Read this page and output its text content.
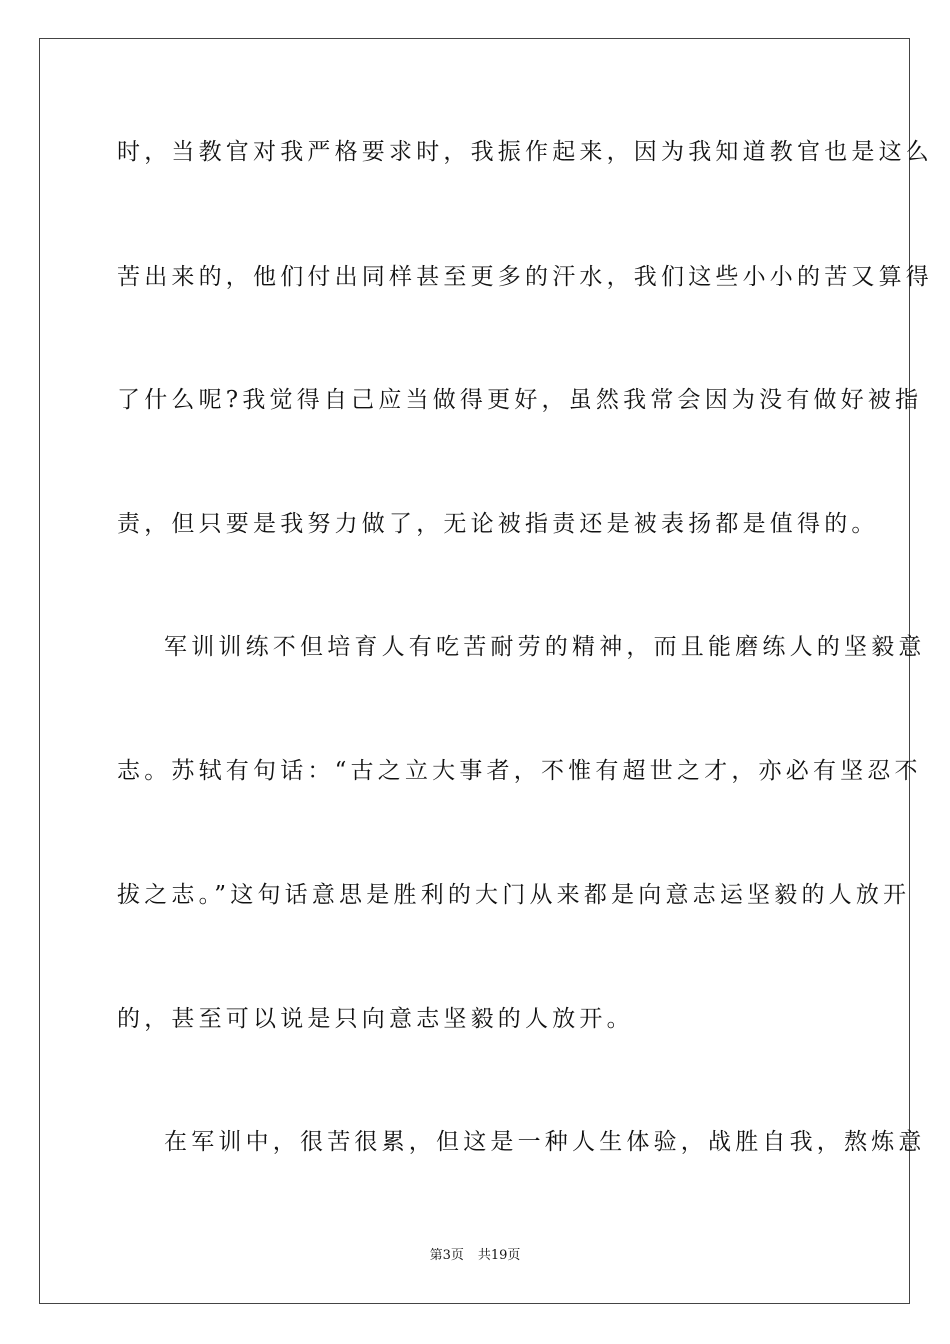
时，当教官对我严格要求时，我振作起来，因为我知道教官也是这么
苦出来的，他们付出同样甚至更多的汗水，我们这些小小的苦又算得
了什么呢?我觉得自己应当做得更好，虽然我常会因为没有做好被指
责，但只要是我努力做了，无论被指责还是被表扬都是值得的。
军训训练不但培育人有吃苦耐劳的精神，而且能磨练人的坚毅意
志。苏轼有句话：“古之立大事者，不惟有超世之才，亦必有坚忍不
拔之志。”这句话意思是胜利的大门从来都是向意志运坚毅的人放开
的，甚至可以说是只向意志坚毅的人放开。
在军训中，很苦很累，但这是一种人生体验，战胜自我，熬炼意
第3页 共19页
